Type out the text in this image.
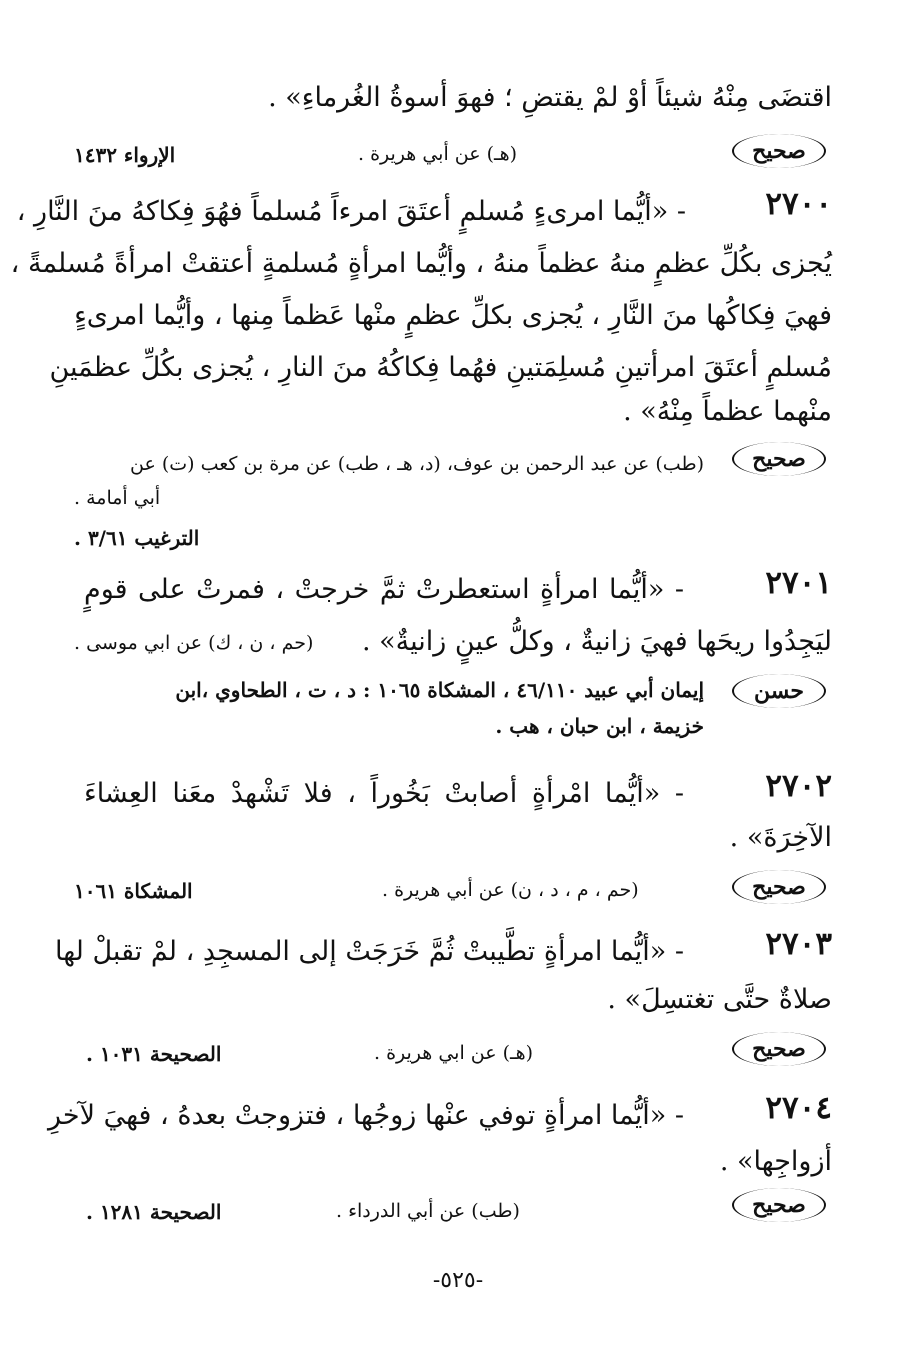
اقتضَى مِنْهُ شيئاً أوْ لمْ يقتضِ ؛ فهوَ أسوةُ الغُرماءِ» .
صحيح
(هـ) عن أبي هريرة .
الإرواء ١٤٣٢
- «أيُّما امرىءٍ مُسلمٍ أعتَقَ امرءاً مُسلماً فهُوَ فِكاكهُ منَ النَّارِ ،	٢٧٠٠
يُجزى بكُلِّ عظمٍ منهُ عظماً منهُ ، وأيُّما امرأةٍ مُسلمةٍ أعتقتْ امرأةً مُسلمةً ،
فهيَ فِكاكُها منَ النَّارِ ، يُجزى بكلِّ عظمٍ منْها عَظماً مِنها ، وأيُّما امرىءٍ
مُسلمٍ أعتَقَ امرأتينِ مُسلِمَتينِ فهُما فِكاكُهُ منَ النارِ ، يُجزى بكُلِّ عظمَينِ
منْهما عظماً مِنْهُ» .
صحيح
(طب) عن عبد الرحمن بن عوف، (د، هـ ، طب) عن مرة بن كعب (ت) عن
أبي أمامة .
الترغيب ٣/٦١ .
٢٧٠١
- «أيُّما امرأةٍ استعطرتْ ثمَّ خرجتْ ، فمرتْ على قومٍ
ليَجِدُوا ريحَها فهيَ زانيةٌ ، وكلُّ عينٍ زانيةٌ» .
(حم ، ن ، ك) عن ابي موسى .
حسن
إيمان أبي عبيد ٤٦/١١٠ ، المشكاة ١٠٦٥ : د ، ت ، الطحاوي ،ابن
خزيمة ، ابن حبان ، هب .
٢٧٠٢
- «أيُّما امْرأةٍ أصابتْ بَخُوراً ، فلا تَشْهدْ معَنا العِشاءَ
الآخِرَةَ» .
صحيح
(حم ، م ، د ، ن) عن أبي هريرة .
المشكاة ١٠٦١
٢٧٠٣
- «أيُّما امرأةٍ تطَّيبتْ ثُمَّ خَرَجَتْ إلى المسجِدِ ، لمْ تقبلْ لها
صلاةٌ حتَّى تغتسِلَ» .
صحيح
(هـ) عن ابي هريرة .
الصحيحة ١٠٣١ .
٢٧٠٤
- «أيُّما امرأةٍ توفي عنْها زوجُها ، فتزوجتْ بعدهُ ، فهيَ لآخرِ
أزواجِها» .
صحيح
(طب) عن أبي الدرداء .
الصحيحة ١٢٨١ .
-٥٢٥-
